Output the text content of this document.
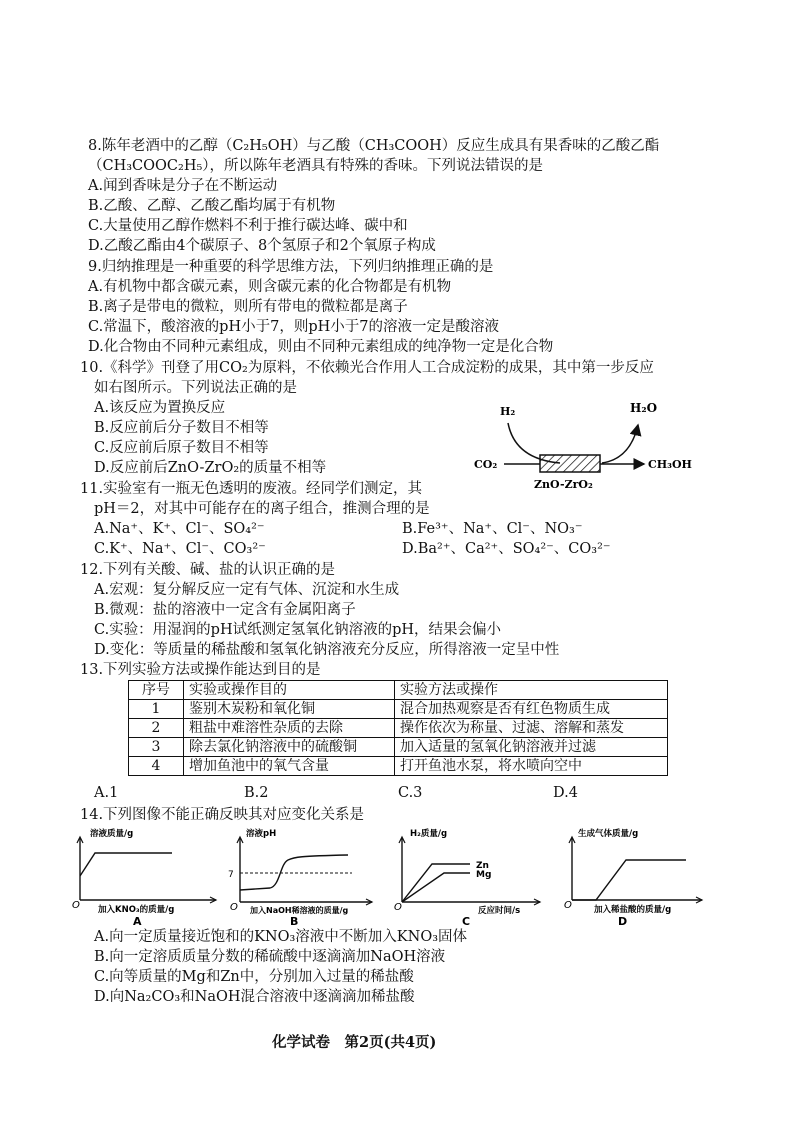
8.陈年老酒中的乙醇（C₂H₅OH）与乙酸（CH₃COOH）反应生成具有果香味的乙酸乙酯
（CH₃COOC₂H₅），所以陈年老酒具有特殊的香味。下列说法错误的是
A.闻到香味是分子在不断运动
B.乙酸、乙醇、乙酸乙酯均属于有机物
C.大量使用乙醇作燃料不利于推行碳达峰、碳中和
D.乙酸乙酯由4个碳原子、8个氢原子和2个氧原子构成
9.归纳推理是一种重要的科学思维方法，下列归纳推理正确的是
A.有机物中都含碳元素，则含碳元素的化合物都是有机物
B.离子是带电的微粒，则所有带电的微粒都是离子
C.常温下，酸溶液的pH小于7，则pH小于7的溶液一定是酸溶液
D.化合物由不同种元素组成，则由不同种元素组成的纯净物一定是化合物
10.《科学》刊登了用CO₂为原料，不依赖光合作用人工合成淀粉的成果，其中第一步反应
如右图所示。下列说法正确的是
A.该反应为置换反应
B.反应前后分子数目不相等
C.反应前后原子数目不相等
D.反应前后ZnO-ZrO₂的质量不相等
H₂	H₂O
CO₂	CH₃OH
ZnO-ZrO₂
11.实验室有一瓶无色透明的废液。经同学们测定，其
pH＝2，对其中可能存在的离子组合，推测合理的是
A.Na⁺、K⁺、Cl⁻、SO₄²⁻	B.Fe³⁺、Na⁺、Cl⁻、NO₃⁻
C.K⁺、Na⁺、Cl⁻、CO₃²⁻	D.Ba²⁺、Ca²⁺、SO₄²⁻、CO₃²⁻
12.下列有关酸、碱、盐的认识正确的是
A.宏观：复分解反应一定有气体、沉淀和水生成
B.微观：盐的溶液中一定含有金属阳离子
C.实验：用湿润的pH试纸测定氢氧化钠溶液的pH，结果会偏小
D.变化：等质量的稀盐酸和氢氧化钠溶液充分反应，所得溶液一定呈中性
13.下列实验方法或操作能达到目的是
序号	实验或操作目的	实验方法或操作
1	鉴别木炭粉和氧化铜	混合加热观察是否有红色物质生成
2	粗盐中难溶性杂质的去除	操作依次为称量、过滤、溶解和蒸发
3	除去氯化钠溶液中的硫酸铜	加入适量的氢氧化钠溶液并过滤
4	增加鱼池中的氧气含量	打开鱼池水泵，将水喷向空中
A.1	B.2	C.3	D.4
14.下列图像不能正确反映其对应变化关系是
溶液质量/g
O 加入KNO₃的质量/g
A
溶液pH
7
O 加入NaOH稀溶液的质量/g
B
H₂质量/g
Zn
Mg
O	反应时间/s
C
生成气体质量/g
O	加入稀盐酸的质量/g
D
A.向一定质量接近饱和的KNO₃溶液中不断加入KNO₃固体
B.向一定溶质质量分数的稀硫酸中逐滴滴加NaOH溶液
C.向等质量的Mg和Zn中，分别加入过量的稀盐酸
D.向Na₂CO₃和NaOH混合溶液中逐滴滴加稀盐酸
化学试卷　第2页(共4页)
